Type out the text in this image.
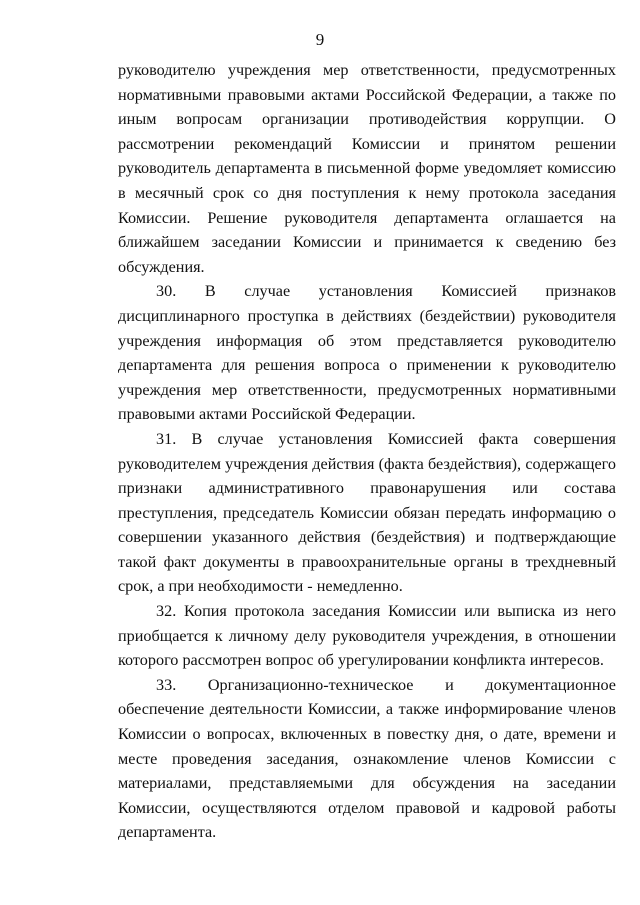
9

руководителю учреждения мер ответственности, предусмотренных нормативными правовыми актами Российской Федерации, а также по иным вопросам организации противодействия коррупции. О рассмотрении рекомендаций Комиссии и принятом решении руководитель департамента в письменной форме уведомляет комиссию в месячный срок со дня поступления к нему протокола заседания Комиссии. Решение руководителя департамента оглашается на ближайшем заседании Комиссии и принимается к сведению без обсуждения.

30. В случае установления Комиссией признаков дисциплинарного проступка в действиях (бездействии) руководителя учреждения информация об этом представляется руководителю департамента для решения вопроса о применении к руководителю учреждения мер ответственности, предусмотренных нормативными правовыми актами Российской Федерации.

31. В случае установления Комиссией факта совершения руководителем учреждения действия (факта бездействия), содержащего признаки административного правонарушения или состава преступления, председатель Комиссии обязан передать информацию о совершении указанного действия (бездействия) и подтверждающие такой факт документы в правоохранительные органы в трехдневный срок, а при необходимости - немедленно.

32. Копия протокола заседания Комиссии или выписка из него приобщается к личному делу руководителя учреждения, в отношении которого рассмотрен вопрос об урегулировании конфликта интересов.

33. Организационно-техническое и документационное обеспечение деятельности Комиссии, а также информирование членов Комиссии о вопросах, включенных в повестку дня, о дате, времени и месте проведения заседания, ознакомление членов Комиссии с материалами, представляемыми для обсуждения на заседании Комиссии, осуществляются отделом правовой и кадровой работы департамента.
